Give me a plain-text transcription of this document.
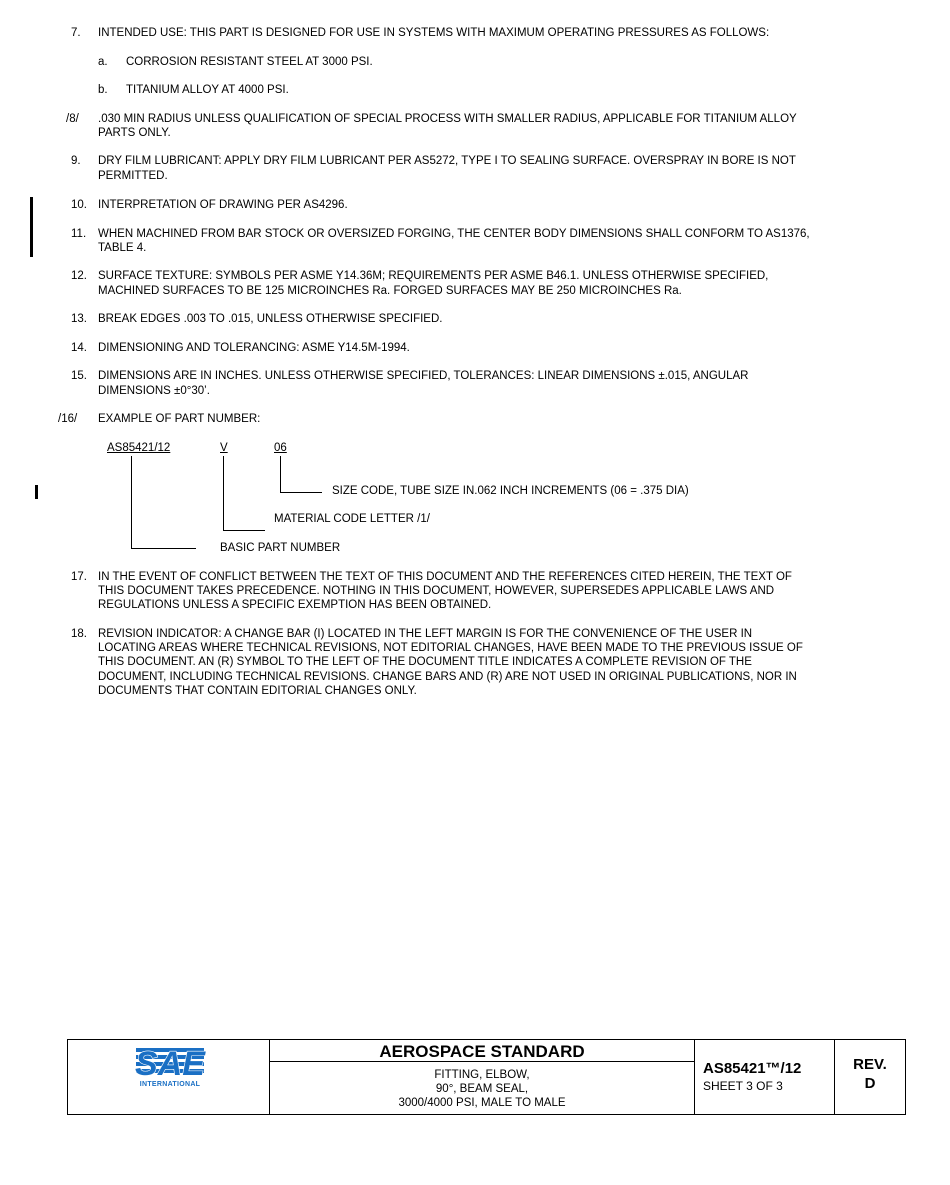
7. INTENDED USE: THIS PART IS DESIGNED FOR USE IN SYSTEMS WITH MAXIMUM OPERATING PRESSURES AS FOLLOWS:
a. CORROSION RESISTANT STEEL AT 3000 PSI.
b. TITANIUM ALLOY AT 4000 PSI.
/8/ .030 MIN RADIUS UNLESS QUALIFICATION OF SPECIAL PROCESS WITH SMALLER RADIUS, APPLICABLE FOR TITANIUM ALLOY
PARTS ONLY.
9. DRY FILM LUBRICANT: APPLY DRY FILM LUBRICANT PER AS5272, TYPE I TO SEALING SURFACE. OVERSPRAY IN BORE IS NOT
PERMITTED.
10. INTERPRETATION OF DRAWING PER AS4296.
11. WHEN MACHINED FROM BAR STOCK OR OVERSIZED FORGING, THE CENTER BODY DIMENSIONS SHALL CONFORM TO AS1376,
TABLE 4.
12. SURFACE TEXTURE: SYMBOLS PER ASME Y14.36M; REQUIREMENTS PER ASME B46.1. UNLESS OTHERWISE SPECIFIED,
MACHINED SURFACES TO BE 125 MICROINCHES Ra. FORGED SURFACES MAY BE 250 MICROINCHES Ra.
13. BREAK EDGES .003 TO .015, UNLESS OTHERWISE SPECIFIED.
14. DIMENSIONING AND TOLERANCING: ASME Y14.5M-1994.
15. DIMENSIONS ARE IN INCHES. UNLESS OTHERWISE SPECIFIED, TOLERANCES: LINEAR DIMENSIONS ±.015, ANGULAR
DIMENSIONS ±0°30’.
/16/ EXAMPLE OF PART NUMBER:
AS85421/12	V	06
SIZE CODE, TUBE SIZE IN.062 INCH INCREMENTS (06 = .375 DIA)
MATERIAL CODE LETTER /1/
BASIC PART NUMBER
17. IN THE EVENT OF CONFLICT BETWEEN THE TEXT OF THIS DOCUMENT AND THE REFERENCES CITED HEREIN, THE TEXT OF
THIS DOCUMENT TAKES PRECEDENCE. NOTHING IN THIS DOCUMENT, HOWEVER, SUPERSEDES APPLICABLE LAWS AND
REGULATIONS UNLESS A SPECIFIC EXEMPTION HAS BEEN OBTAINED.
18. REVISION INDICATOR: A CHANGE BAR (I) LOCATED IN THE LEFT MARGIN IS FOR THE CONVENIENCE OF THE USER IN
LOCATING AREAS WHERE TECHNICAL REVISIONS, NOT EDITORIAL CHANGES, HAVE BEEN MADE TO THE PREVIOUS ISSUE OF
THIS DOCUMENT. AN (R) SYMBOL TO THE LEFT OF THE DOCUMENT TITLE INDICATES A COMPLETE REVISION OF THE
DOCUMENT, INCLUDING TECHNICAL REVISIONS. CHANGE BARS AND (R) ARE NOT USED IN ORIGINAL PUBLICATIONS, NOR IN
DOCUMENTS THAT CONTAIN EDITORIAL CHANGES ONLY.
SAE
INTERNATIONAL
AEROSPACE STANDARD
FITTING, ELBOW,
90°, BEAM SEAL,
3000/4000 PSI, MALE TO MALE
AS85421™/12
SHEET 3 OF 3
REV.
D
